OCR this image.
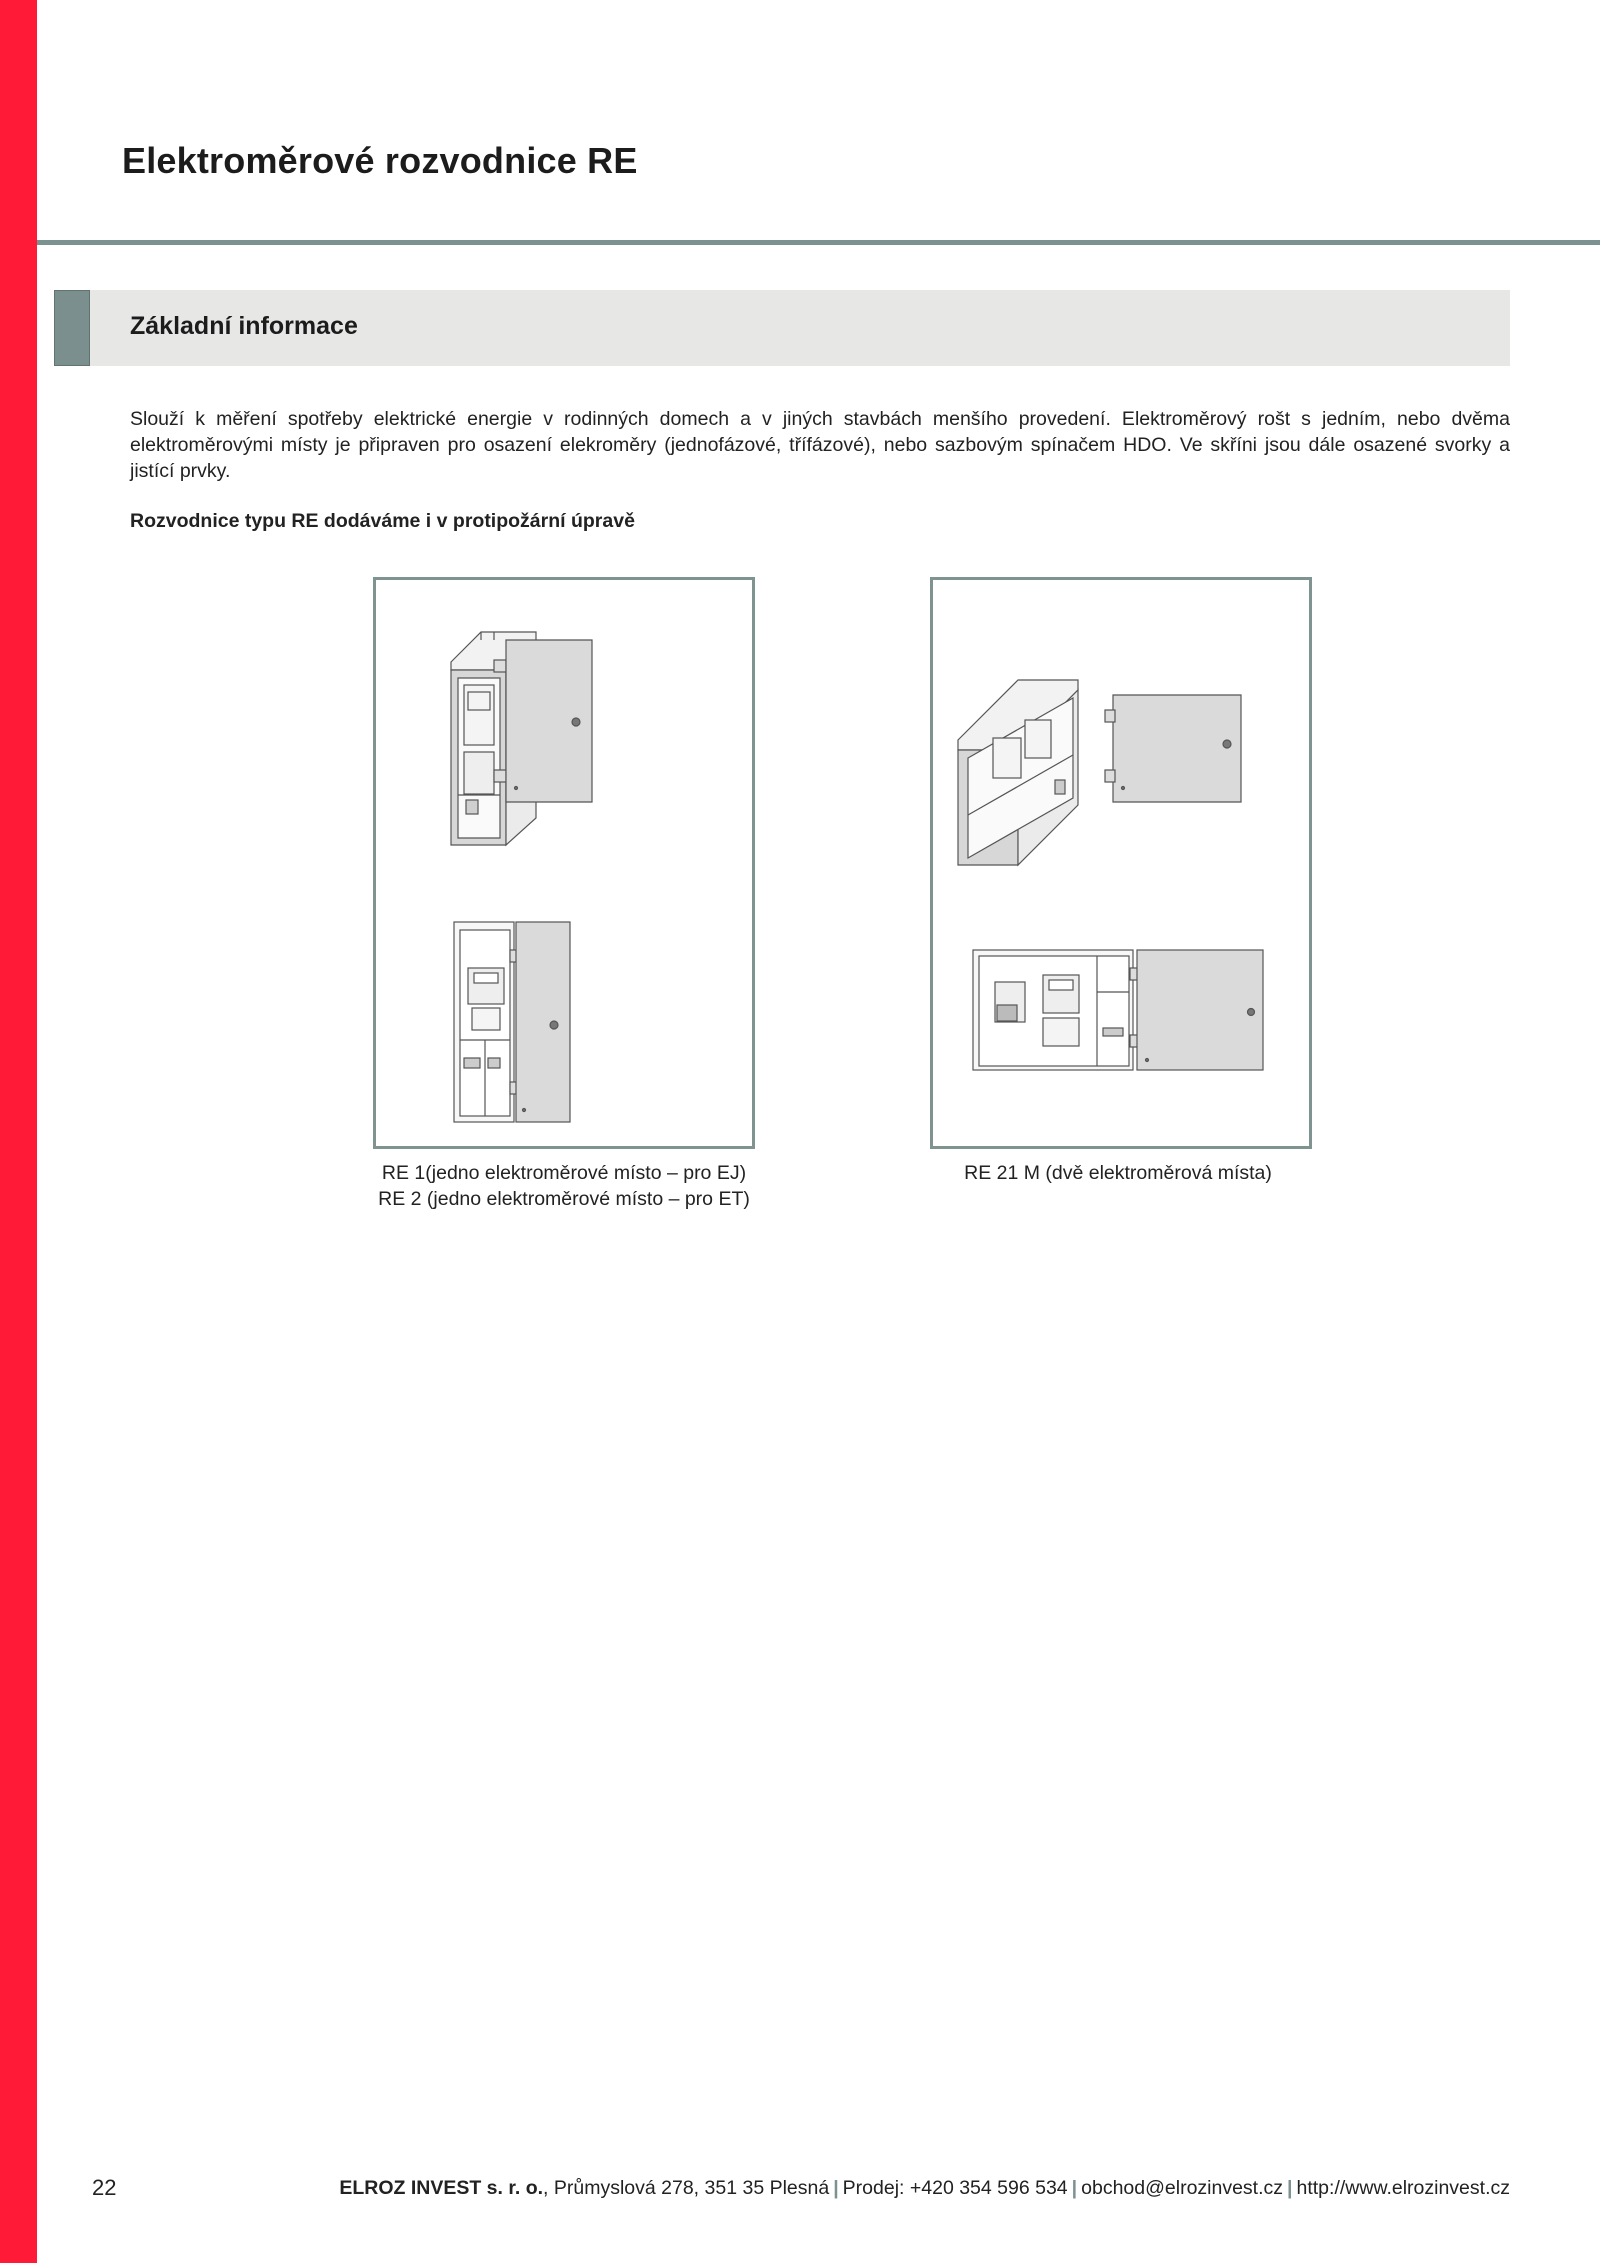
Elektroměrové rozvodnice RE
Základní informace

Slouží k měření spotřeby elektrické energie v rodinných domech a v jiných stavbách menšího provedení. Elektroměrový rošt s jedním, nebo dvěma elektroměrovými místy je připraven pro osazení elekroměry (jednofázové, třífázové), nebo sazbovým spínačem HDO. Ve skříni jsou dále osazené svorky a jistící prvky.

Rozvodnice typu RE dodáváme i v protipožární úpravě

RE 1(jedno elektroměrové místo – pro EJ)
RE 2 (jedno elektroměrové místo – pro ET)
RE 21 M (dvě elektroměrová místa)
22	ELROZ INVEST s. r. o., Průmyslová 278, 351 35 Plesná | Prodej: +420 354 596 534 | obchod@elrozinvest.cz | http://www.elrozinvest.cz
